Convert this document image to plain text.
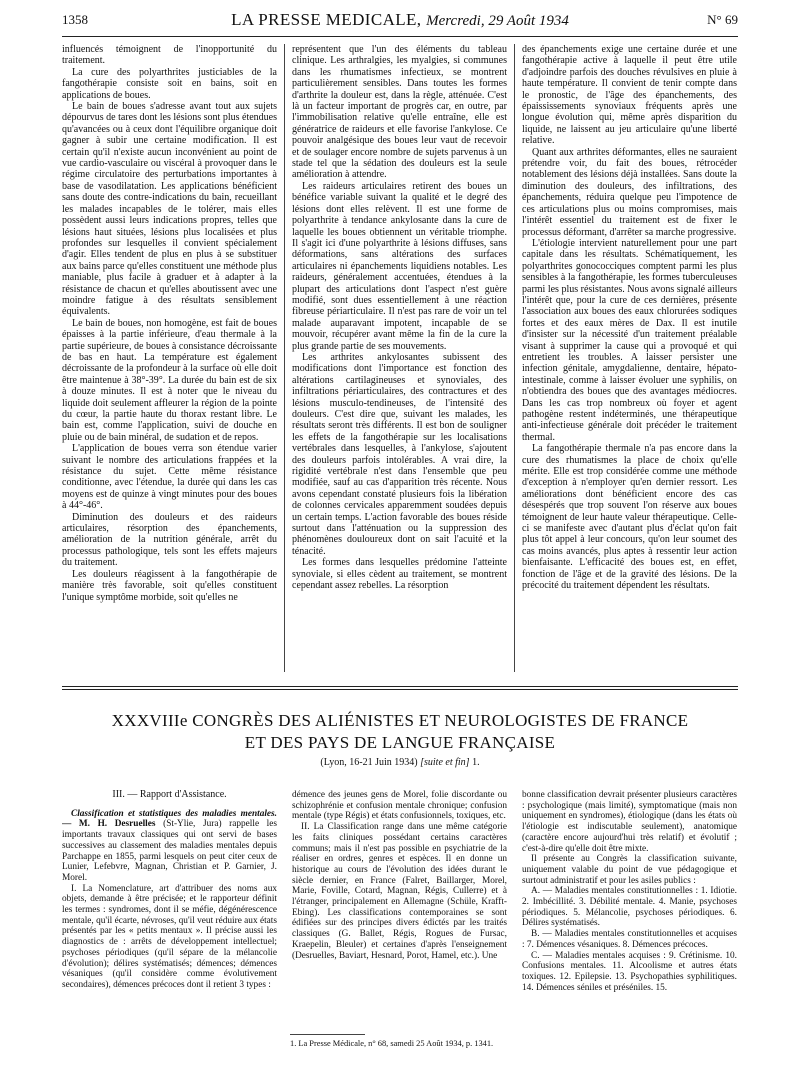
1358	LA PRESSE MEDICALE, Mercredi, 29 Août 1934	N° 69

influencés témoignent de l'inopportunité du traitement.

La cure des polyarthrites justiciables de la fangothérapie consiste soit en bains, soit en applications de boues.

Le bain de boues s'adresse avant tout aux sujets dépourvus de tares dont les lésions sont plus étendues qu'avancées ou à ceux dont l'équilibre organique doit gagner à subir une certaine modification. Il est certain qu'il n'existe aucun inconvénient au point de vue cardio-vasculaire ou viscéral à provoquer dans le régime circulatoire des perturbations importantes à base de vasodilatation. Les applications bénéficient sans doute des contre-indications du bain, recueillant les malades incapables de le tolérer, mais elles possèdent aussi leurs indications propres, telles que lésions haut situées, lésions plus localisées et plus profondes sur lesquelles il convient spécialement d'agir. Elles tendent de plus en plus à se substituer aux bains parce qu'elles constituent une méthode plus maniable, plus facile à graduer et à adapter à la résistance de chacun et qu'elles aboutissent avec une moindre fatigue à des résultats sensiblement équivalents.

Le bain de boues, non homogène, est fait de boues épaisses à la partie inférieure, d'eau thermale à la partie supérieure, de boues à consistance décroissante de bas en haut. La température est également décroissante de la profondeur à la surface où elle doit être maintenue à 38°-39°. La durée du bain est de six à douze minutes. Il est à noter que le niveau du liquide doit seulement affleurer la région de la pointe du cœur, la partie haute du thorax restant libre. Le bain est, comme l'application, suivi de douche en pluie ou de bain minéral, de sudation et de repos.

L'application de boues verra son étendue varier suivant le nombre des articulations frappées et la résistance du sujet. Cette même résistance conditionne, avec l'étendue, la durée qui dans les cas moyens est de quinze à vingt minutes pour des boues à 44°-46°.

Diminution des douleurs et des raideurs articulaires, résorption des épanchements, amélioration de la nutrition générale, arrêt du processus pathologique, tels sont les effets majeurs du traitement.

Les douleurs réagissent à la fangothérapie de manière très favorable, soit qu'elles constituent l'unique symptôme morbide, soit qu'elles ne

représentent que l'un des éléments du tableau clinique. Les arthralgies, les myalgies, si communes dans les rhumatismes infectieux, se montrent particulièrement sensibles. Dans toutes les formes d'arthrite la douleur est, dans la règle, atténuée. C'est là un facteur important de progrès car, en outre, par l'immobilisation relative qu'elle entraîne, elle est génératrice de raideurs et elle favorise l'ankylose. Ce pouvoir analgésique des boues leur vaut de recevoir et de soulager encore nombre de sujets parvenus à un stade tel que la sédation des douleurs est la seule amélioration à attendre.

Les raideurs articulaires retirent des boues un bénéfice variable suivant la qualité et le degré des lésions dont elles relèvent. Il est une forme de polyarthrite à tendance ankylosante dans la cure de laquelle les boues obtiennent un véritable triomphe. Il s'agit ici d'une polyarthrite à lésions diffuses, sans déformations, sans altérations des surfaces articulaires ni épanchements liquidiens notables. Les raideurs, généralement accentuées, étendues à la plupart des articulations dont l'aspect n'est guère modifié, sont dues essentiellement à une réaction fibreuse périarticulaire. Il n'est pas rare de voir un tel malade auparavant impotent, incapable de se mouvoir, récupérer avant même la fin de la cure la plus grande partie de ses mouvements.

Les arthrites ankylosantes subissent des modifications dont l'importance est fonction des altérations cartilagineuses et synoviales, des infiltrations périarticulaires, des contractures et des lésions musculo-tendineuses, de l'intensité des douleurs. C'est dire que, suivant les malades, les résultats seront très différents. Il est bon de souligner les effets de la fangothérapie sur les localisations vertébrales dans lesquelles, à l'ankylose, s'ajoutent des douleurs parfois intolérables. A vrai dire, la rigidité vertébrale n'est dans l'ensemble que peu modifiée, sauf au cas d'apparition très récente. Nous avons cependant constaté plusieurs fois la libération de colonnes cervicales apparemment soudées depuis un certain temps. L'action favorable des boues réside surtout dans l'atténuation ou la suppression des phénomènes douloureux dont on sait l'acuité et la ténacité.

Les formes dans lesquelles prédomine l'atteinte synoviale, si elles cèdent au traitement, se montrent cependant assez rebelles. La résorption

des épanchements exige une certaine durée et une fangothérapie active à laquelle il peut être utile d'adjoindre parfois des douches révulsives en pluie à haute température. Il convient de tenir compte dans le pronostic, de l'âge des épanchements, des épaississements synoviaux fréquents après une longue évolution qui, même après disparition du liquide, ne laissent au jeu articulaire qu'une liberté relative.

Quant aux arthrites déformantes, elles ne sauraient prétendre voir, du fait des boues, rétrocéder notablement des lésions déjà installées. Sans doute la diminution des douleurs, des infiltrations, des épanchements, réduira quelque peu l'impotence de ces articulations plus ou moins compromises, mais l'intérêt essentiel du traitement est de fixer le processus déformant, d'arrêter sa marche progressive.

L'étiologie intervient naturellement pour une part capitale dans les résultats. Schématiquement, les polyarthrites gonococciques comptent parmi les plus sensibles à la fangothérapie, les formes tuberculeuses parmi les plus résistantes. Nous avons signalé ailleurs l'intérêt que, pour la cure de ces dernières, présente l'association aux boues des eaux chlorurées sodiques fortes et des eaux mères de Dax. Il est inutile d'insister sur la nécessité d'un traitement préalable visant à supprimer la cause qui a provoqué et qui entretient les troubles. A laisser persister une infection génitale, amygdalienne, dentaire, hépato-intestinale, comme à laisser évoluer une syphilis, on n'obtiendra des boues que des avantages médiocres. Dans les cas trop nombreux où foyer et agent pathogène restent indéterminés, une thérapeutique anti-infectieuse générale doit précéder le traitement thermal.

La fangothérapie thermale n'a pas encore dans la cure des rhumatismes la place de choix qu'elle mérite. Elle est trop considérée comme une méthode d'exception à n'employer qu'en dernier ressort. Les améliorations dont bénéficient encore des cas désespérés que trop souvent l'on réserve aux boues témoignent de leur haute valeur thérapeutique. Celle-ci se manifeste avec d'autant plus d'éclat qu'on fait plus tôt appel à leur concours, qu'on leur soumet des cas moins avancés, plus aptes à ressentir leur action bienfaisante. L'efficacité des boues est, en effet, fonction de l'âge et de la gravité des lésions. De la précocité du traitement dépendent les résultats.

XXXVIIIe CONGRÈS DES ALIÉNISTES ET NEUROLOGISTES DE FRANCE
ET DES PAYS DE LANGUE FRANÇAISE
(Lyon, 16-21 Juin 1934) [suite et fin] 1.

III. — Rapport d'Assistance.

Classification et statistiques des maladies mentales. — M. H. Desruelles (St-Ylie, Jura) rappelle les importants travaux classiques qui ont servi de bases successives au classement des maladies mentales depuis Parchappe en 1855, parmi lesquels on peut citer ceux de Lunier, Lefebvre, Magnan, Christian et P. Garnier, J. Morel.

I. La Nomenclature, art d'attribuer des noms aux objets, demande à être précisée; et le rapporteur définit les termes : syndromes, dont il se méfie, dégénérescence mentale, qu'il écarte, névroses, qu'il veut réduire aux états présentés par les « petits mentaux ». Il précise aussi les diagnostics de : arrêts de développement intellectuel; psychoses périodiques (qu'il sépare de la mélancolie d'évolution); délires systématisés; démences; démences vésaniques (qu'il considère comme évolutivement secondaires), démences précoces dont il retient 3 types :

démence des jeunes gens de Morel, folie discordante ou schizophrénie et confusion mentale chronique; confusion mentale (type Régis) et états confusionnels, toxiques, etc.

II. La Classification range dans une même catégorie les faits cliniques possédant certains caractères communs; mais il n'est pas possible en psychiatrie de la réaliser en ordres, genres et espèces. Il en donne un historique au cours de l'évolution des idées durant le siècle dernier, en France (Falret, Baillarger, Morel, Marie, Foville, Cotard, Magnan, Régis, Cullerre) et à l'étranger, principalement en Allemagne (Schüle, Krafft-Ebing). Les classifications contemporaines se sont édifiées sur des principes divers édictés par les traités classiques (G. Ballet, Régis, Rogues de Fursac, Kraepelin, Bleuler) et certaines d'après l'enseignement (Desruelles, Baviart, Hesnard, Porot, Hamel, etc.). Une

bonne classification devrait présenter plusieurs caractères : psychologique (mais limité), symptomatique (mais non uniquement en syndromes), étiologique (dans les états où l'étiologie est indiscutable seulement), anatomique (caractère encore aujourd'hui très relatif) et évolutif ; c'est-à-dire qu'elle doit être mixte.

Il présente au Congrès la classification suivante, uniquement valable du point de vue pédagogique et surtout administratif et pour les asiles publics :

A. — Maladies mentales constitutionnelles : 1. Idiotie. 2. Imbécillité. 3. Débilité mentale. 4. Manie, psychoses périodiques. 5. Mélancolie, psychoses périodiques. 6. Délires systématisés.

B. — Maladies mentales constitutionnelles et acquises : 7. Démences vésaniques. 8. Démences précoces.

C. — Maladies mentales acquises : 9. Crétinisme. 10. Confusions mentales. 11. Alcoolisme et autres états toxiques. 12. Epilepsie. 13. Psychopathies syphilitiques. 14. Démences séniles et préséniles. 15.

1. La Presse Médicale, n° 68, samedi 25 Août 1934, p. 1341.
